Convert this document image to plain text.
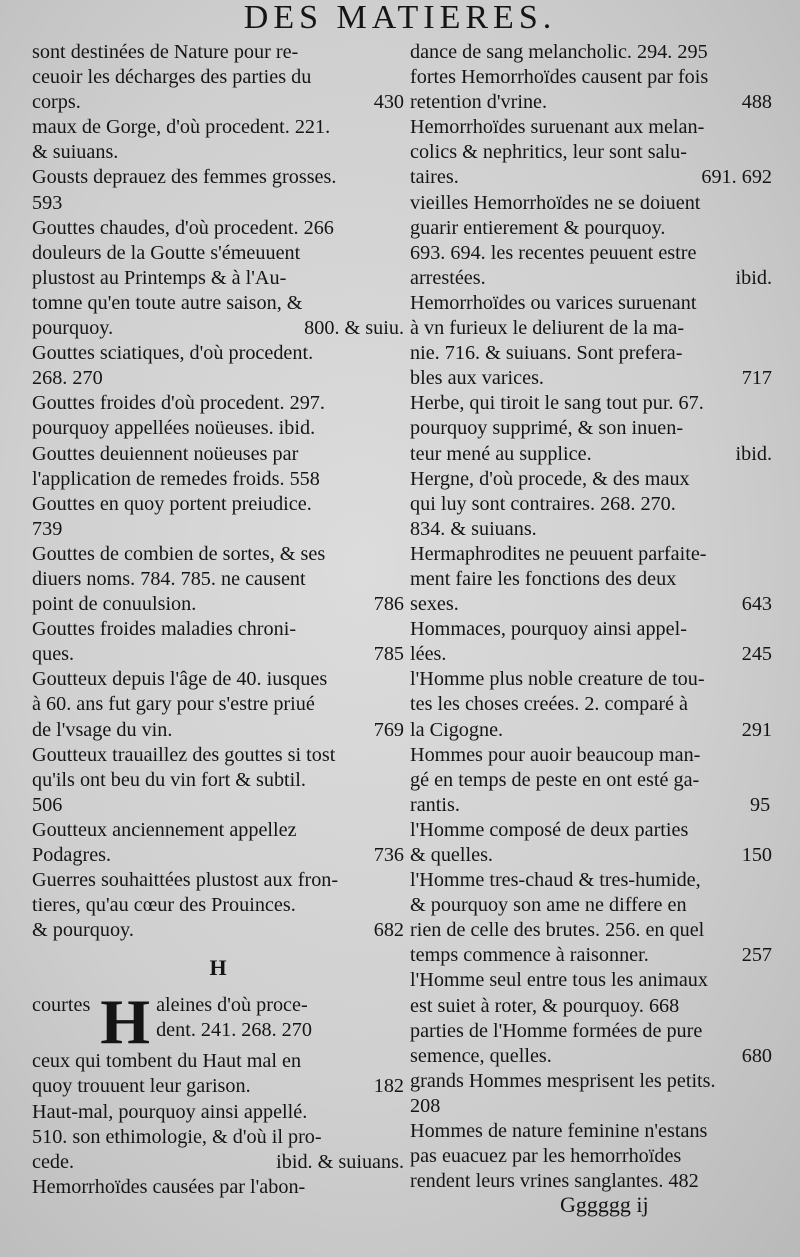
DES MATIERES.
sont destinées de Nature pour re-
ceuoir les décharges des parties du
corps.	430
maux de Gorge, d'où procedent. 221.
& suiuans.
Gousts deprauez des femmes grosses.
593
Gouttes chaudes, d'où procedent. 266
douleurs de la Goutte s'émeuuent
plustost au Printemps & à l'Au-
tomne qu'en toute autre saison, &
pourquoy.	800. & suiu.
Gouttes sciatiques, d'où procedent.
268. 270
Gouttes froides d'où procedent. 297.
pourquoy appellées noüeuses. ibid.
Gouttes deuiennent noüeuses par
l'application de remedes froids. 558
Gouttes en quoy portent preiudice.
739
Gouttes de combien de sortes, & ses
diuers noms. 784. 785. ne causent
point de conuulsion.	786
Gouttes froides maladies chroni-
ques.	785
Goutteux depuis l'âge de 40. iusques
à 60. ans fut gary pour s'estre priué
de l'vsage du vin.	769
Goutteux trauaillez des gouttes si tost
qu'ils ont beu du vin fort & subtil.
506
Goutteux anciennement appellez
Podagres.	736
Guerres souhaittées plustost aux fron-
tieres, qu'au cœur des Prouinces.
& pourquoy.	682
H
courtes H aleines d'où proce-
dent. 241. 268. 270
ceux qui tombent du Haut mal en
quoy trouuent leur garison.	182
Haut-mal, pourquoy ainsi appellé.
510. son ethimologie, & d'où il pro-
cede.	ibid. & suiuans.
Hemorrhoïdes causées par l'abon-
dance de sang melancholic. 294. 295
fortes Hemorrhoïdes causent par fois
retention d'vrine.	488
Hemorrhoïdes suruenant aux melan-
colics & nephritics, leur sont salu-
taires.	691. 692
vieilles Hemorrhoïdes ne se doiuent
guarir entierement & pourquoy.
693. 694. les recentes peuuent estre
arrestées.	ibid.
Hemorrhoïdes ou varices suruenant
à vn furieux le deliurent de la ma-
nie. 716. & suiuans. Sont prefera-
bles aux varices.	717
Herbe, qui tiroit le sang tout pur. 67.
pourquoy supprimé, & son inuen-
teur mené au supplice.	ibid.
Hergne, d'où procede, & des maux
qui luy sont contraires. 268. 270.
834. & suiuans.
Hermaphrodites ne peuuent parfaite-
ment faire les fonctions des deux
sexes.	643
Hommaces, pourquoy ainsi appel-
lées.	245
l'Homme plus noble creature de tou-
tes les choses creées. 2. comparé à
la Cigogne.	291
Hommes pour auoir beaucoup man-
gé en temps de peste en ont esté ga-
rantis.	95
l'Homme composé de deux parties
& quelles.	150
l'Homme tres-chaud & tres-humide,
& pourquoy son ame ne differe en
rien de celle des brutes. 256. en quel
temps commence à raisonner.	257
l'Homme seul entre tous les animaux
est suiet à roter, & pourquoy. 668
parties de l'Homme formées de pure
semence, quelles.	680
grands Hommes mesprisent les petits.
208
Hommes de nature feminine n'estans
pas euacuez par les hemorrhoïdes
rendent leurs vrines sanglantes. 482
Gggggg ij
